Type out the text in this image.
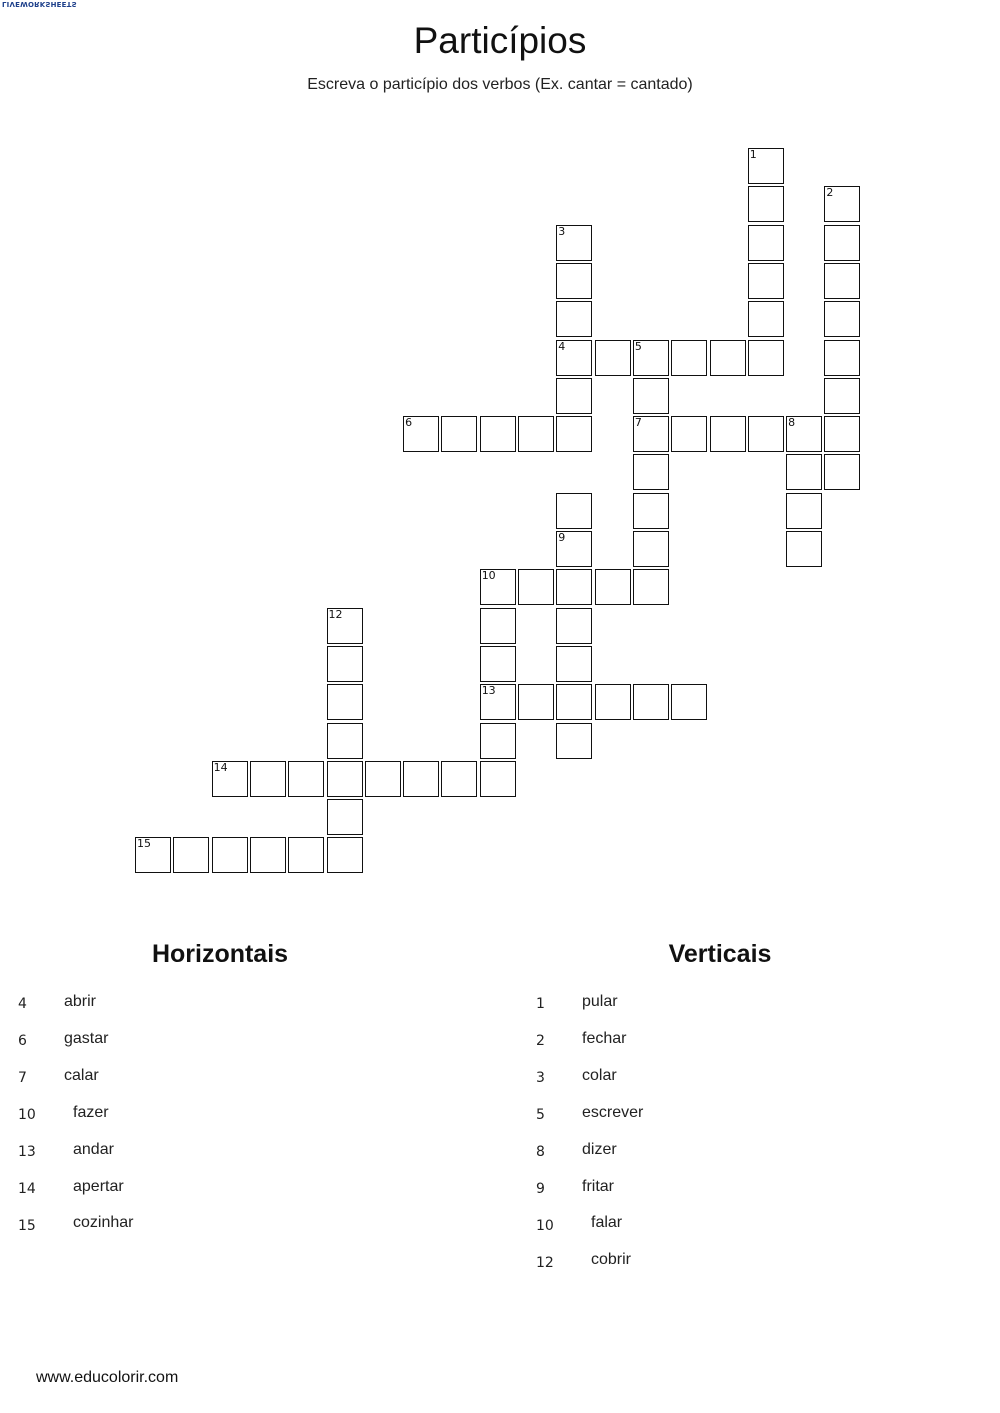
LIVEWORKSHEETS
Particípios

Escreva o particípio dos verbos (Ex. cantar = cantado)

1
2
3
4	5
7
6	8
9
10
13
12
14
15
Horizontais	Verticais
4 abrir
6 gastar
7 calar
10 fazer
13 andar
14 apertar
15 cozinhar
1 pular
2 fechar
3 colar
5 escrever
8 dizer
9 fritar
10 falar
12 cobrir
www.educolorir.com
